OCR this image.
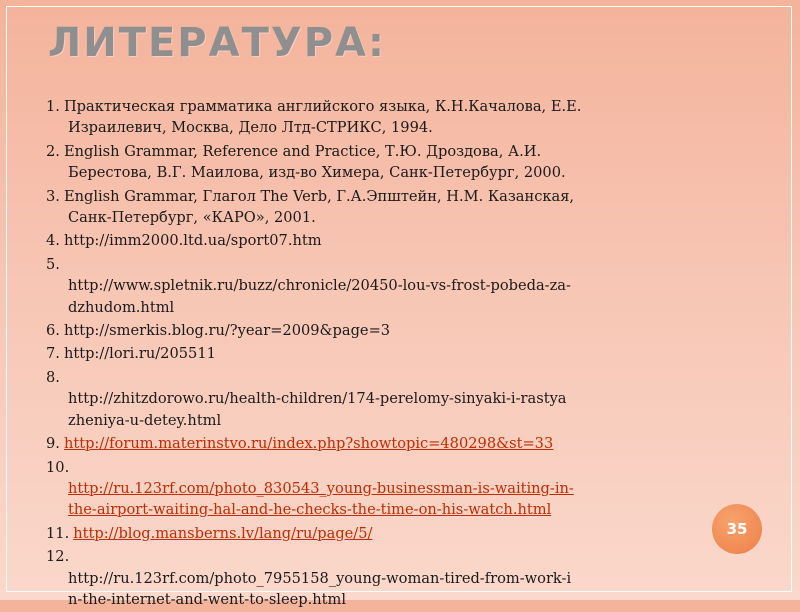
ЛИТЕРАТУРА:
1. Практическая грамматика английского языка, К.Н.Качалова, Е.Е.
Израилевич, Москва, Дело Лтд-СТРИКС, 1994.
2. English Grammar, Reference and Practice, Т.Ю. Дроздова, А.И.
Берестова, В.Г. Маилова, изд-во Химера, Санк-Петербург, 2000.
3. English Grammar, Глагол The Verb, Г.А.Эпштейн, Н.М. Казанская,
Санк-Петербург, «КАРО», 2001.
4. http://imm2000.ltd.ua/sport07.htm
5.
http://www.spletnik.ru/buzz/chronicle/20450-lou-vs-frost-pobeda-za-
dzhudom.html
6. http://smerkis.blog.ru/?year=2009&page=3
7. http://lori.ru/205511
8.
http://zhitzdorowo.ru/health-children/174-perelomy-sinyaki-i-rastya
zheniya-u-detey.html
9. http://forum.materinstvo.ru/index.php?showtopic=480298&st=33
10.
http://ru.123rf.com/photo_830543_young-businessman-is-waiting-in-
the-airport-waiting-hal-and-he-checks-the-time-on-his-watch.html
11. http://blog.mansberns.lv/lang/ru/page/5/
12.
http://ru.123rf.com/photo_7955158_young-woman-tired-from-work-i
n-the-internet-and-went-to-sleep.html
35
